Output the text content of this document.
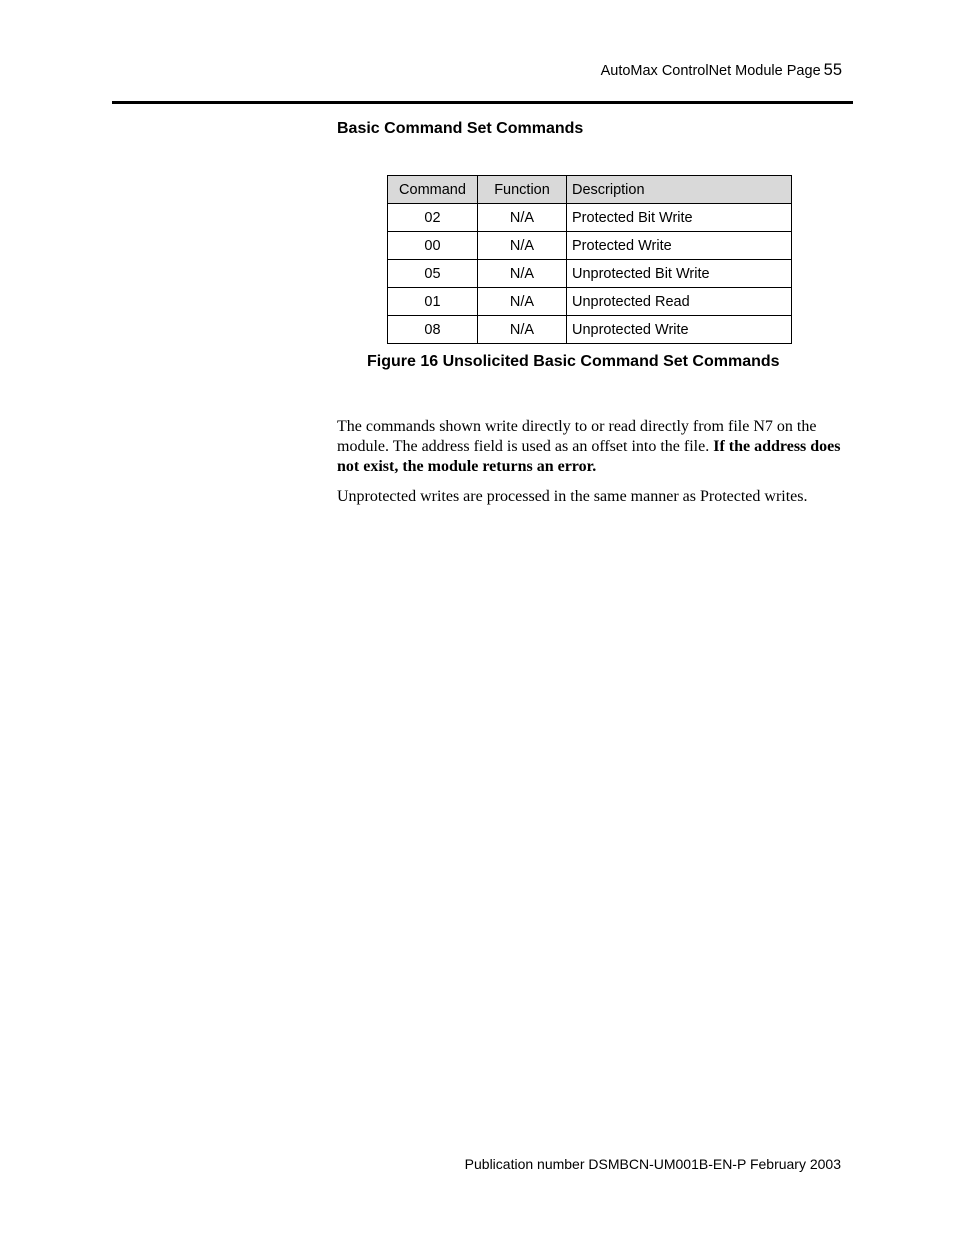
AutoMax ControlNet Module Page 55
Basic Command Set Commands
Command	Function	Description
02	N/A	Protected Bit Write
00	N/A	Protected Write
05	N/A	Unprotected Bit Write
01	N/A	Unprotected Read
08	N/A	Unprotected Write
Figure 16 Unsolicited Basic Command Set Commands

The commands shown write directly to or read directly from file N7 on the module. The address field is used as an offset into the file. If the address does not exist, the module returns an error.

Unprotected writes are processed in the same manner as Protected writes.

Publication number DSMBCN-UM001B-EN-P February 2003
